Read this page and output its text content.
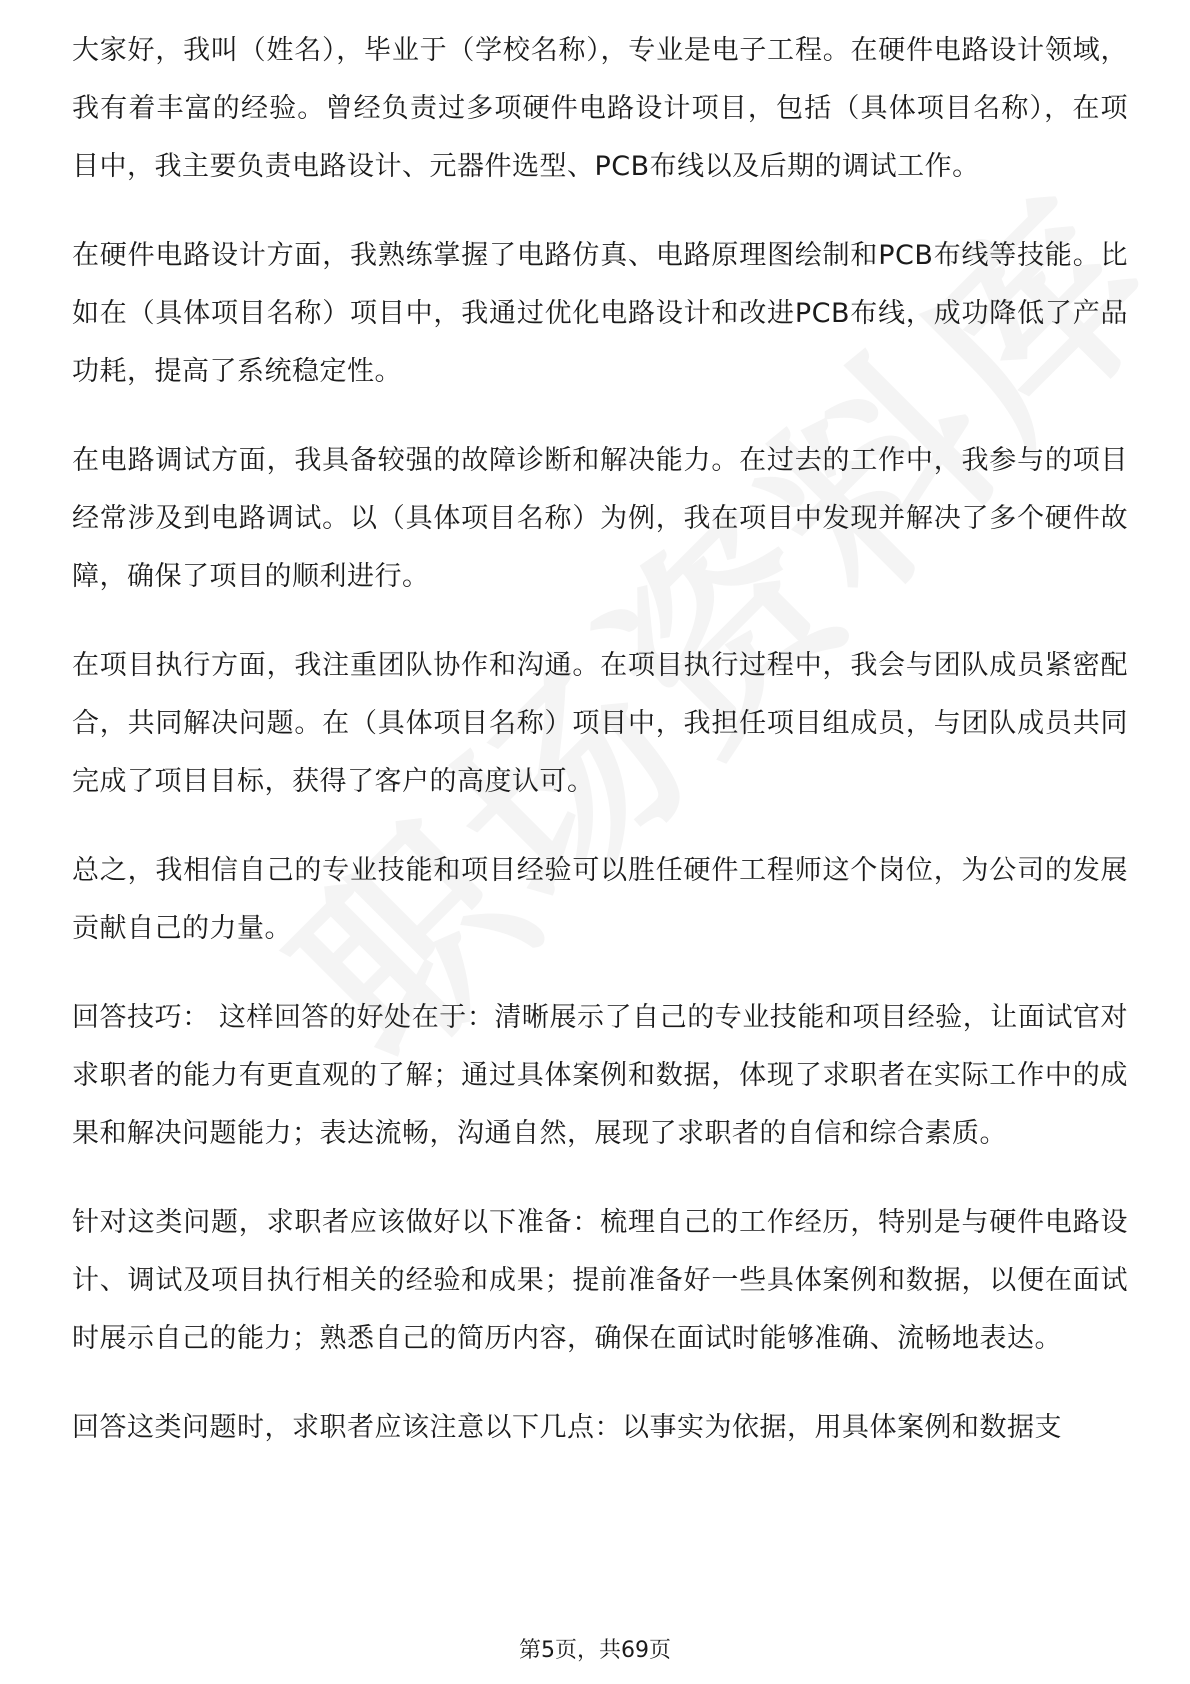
大家好，我叫（姓名），毕业于（学校名称），专业是电子工程。在硬件电路设计领域，我有着丰富的经验。曾经负责过多项硬件电路设计项目，包括（具体项目名称），在项目中，我主要负责电路设计、元器件选型、PCB布线以及后期的调试工作。

在硬件电路设计方面，我熟练掌握了电路仿真、电路原理图绘制和PCB布线等技能。比如在（具体项目名称）项目中，我通过优化电路设计和改进PCB布线，成功降低了产品功耗，提高了系统稳定性。

在电路调试方面，我具备较强的故障诊断和解决能力。在过去的工作中，我参与的项目经常涉及到电路调试。以（具体项目名称）为例，我在项目中发现并解决了多个硬件故障，确保了项目的顺利进行。

在项目执行方面，我注重团队协作和沟通。在项目执行过程中，我会与团队成员紧密配合，共同解决问题。在（具体项目名称）项目中，我担任项目组成员，与团队成员共同完成了项目目标，获得了客户的高度认可。

总之，我相信自己的专业技能和项目经验可以胜任硬件工程师这个岗位，为公司的发展贡献自己的力量。

回答技巧： 这样回答的好处在于：清晰展示了自己的专业技能和项目经验，让面试官对求职者的能力有更直观的了解；通过具体案例和数据，体现了求职者在实际工作中的成果和解决问题能力；表达流畅，沟通自然，展现了求职者的自信和综合素质。

针对这类问题，求职者应该做好以下准备：梳理自己的工作经历，特别是与硬件电路设计、调试及项目执行相关的经验和成果；提前准备好一些具体案例和数据，以便在面试时展示自己的能力；熟悉自己的简历内容，确保在面试时能够准确、流畅地表达。

回答这类问题时，求职者应该注意以下几点：以事实为依据，用具体案例和数据支

第5页，共69页
